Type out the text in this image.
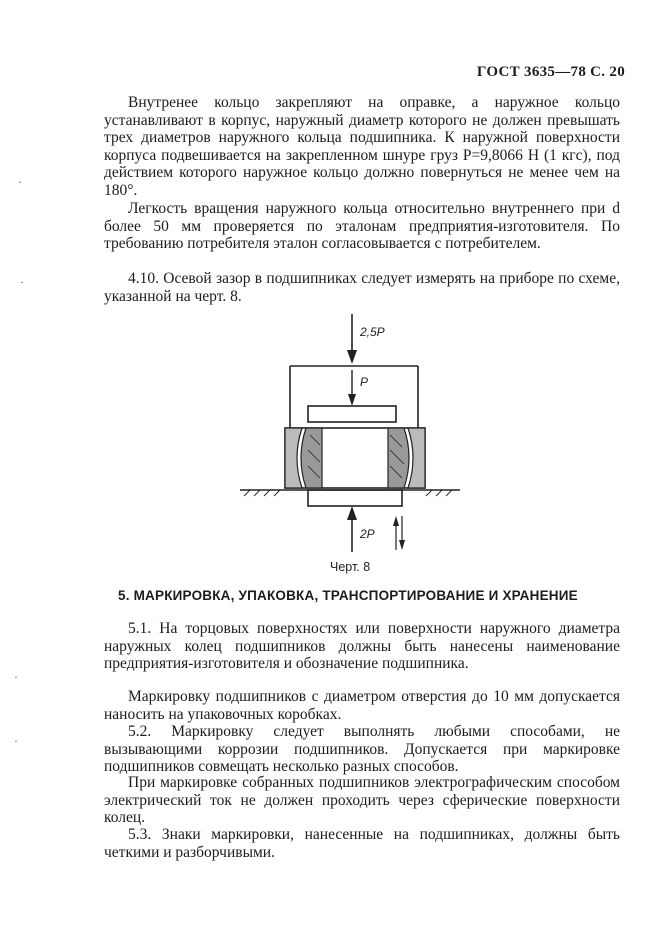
ГОСТ 3635—78 С. 20

Внутренее кольцо закрепляют на оправке, а наружное кольцо устанавливают в корпус, наружный диаметр которого не должен превышать трех диаметров наружного кольца подшипника. К наружной поверхности корпуса подвешивается на закрепленном шнуре груз P=9,8066 Н (1 кгс), под действием которого наружное кольцо должно повернуться не менее чем на 180°.

Легкость вращения наружного кольца относительно внутреннего при d более 50 мм проверяется по эталонам предприятия-изготовителя. По требованию потребителя эталон согласовывается с потребителем.

4.10. Осевой зазор в подшипниках следует измерять на приборе по схеме, указанной на черт. 8.

2,5P
P
2P
Черт. 8
5. МАРКИРОВКА, УПАКОВКА, ТРАНСПОРТИРОВАНИЕ И ХРАНЕНИЕ

5.1. На торцовых поверхностях или поверхности наружного диаметра наружных колец подшипников должны быть нанесены наименование предприятия-изготовителя и обозначение подшипника.

Маркировку подшипников с диаметром отверстия до 10 мм допускается наносить на упаковочных коробках.

5.2. Маркировку следует выполнять любыми способами, не вызывающими коррозии подшипников. Допускается при маркировке подшипников совмещать несколько разных способов.

При маркировке собранных подшипников электрографическим способом электрический ток не должен проходить через сферические поверхности колец.

5.3. Знаки маркировки, нанесенные на подшипниках, должны быть четкими и разборчивыми.

·
·
·
·
